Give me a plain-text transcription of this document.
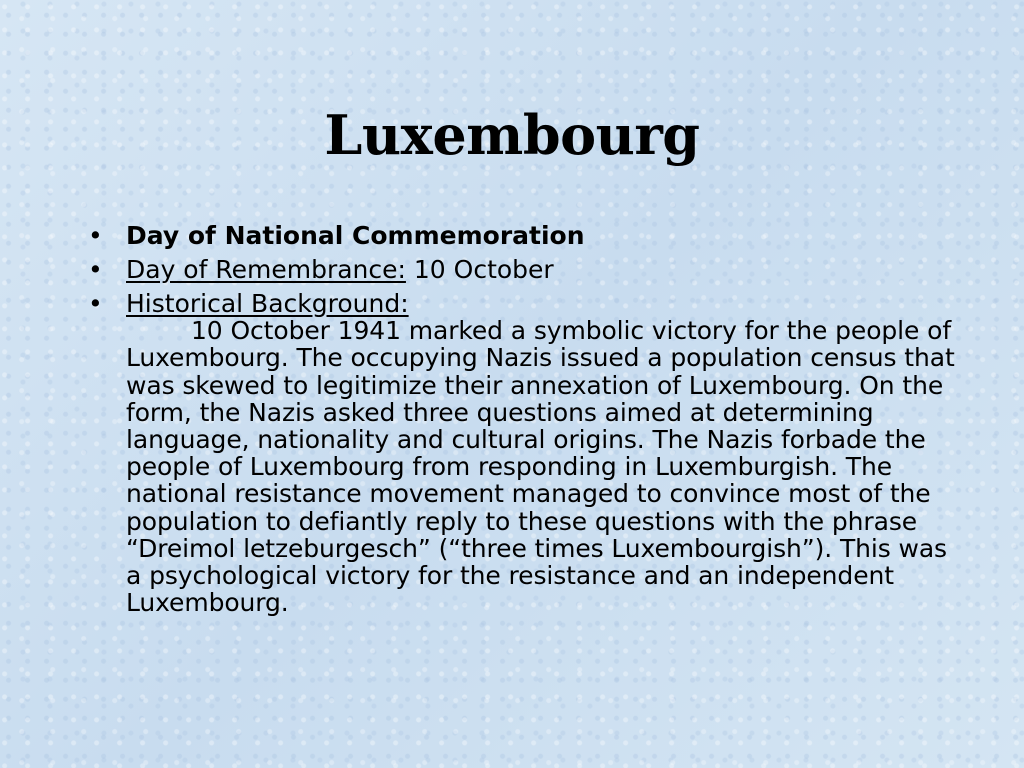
Luxembourg
• Day of National Commemoration
• Day of Remembrance: 10 October
• Historical Background:
10 October 1941 marked a symbolic victory for the people of Luxembourg. The occupying Nazis issued a population census that was skewed to legitimize their annexation of Luxembourg. On the form, the Nazis asked three questions aimed at determining language, nationality and cultural origins. The Nazis forbade the people of Luxembourg from responding in Luxemburgish. The national resistance movement managed to convince most of the population to defiantly reply to these questions with the phrase “Dreimol letzeburgesch” (“three times Luxembourgish”). This was a psychological victory for the resistance and an independent Luxembourg.
